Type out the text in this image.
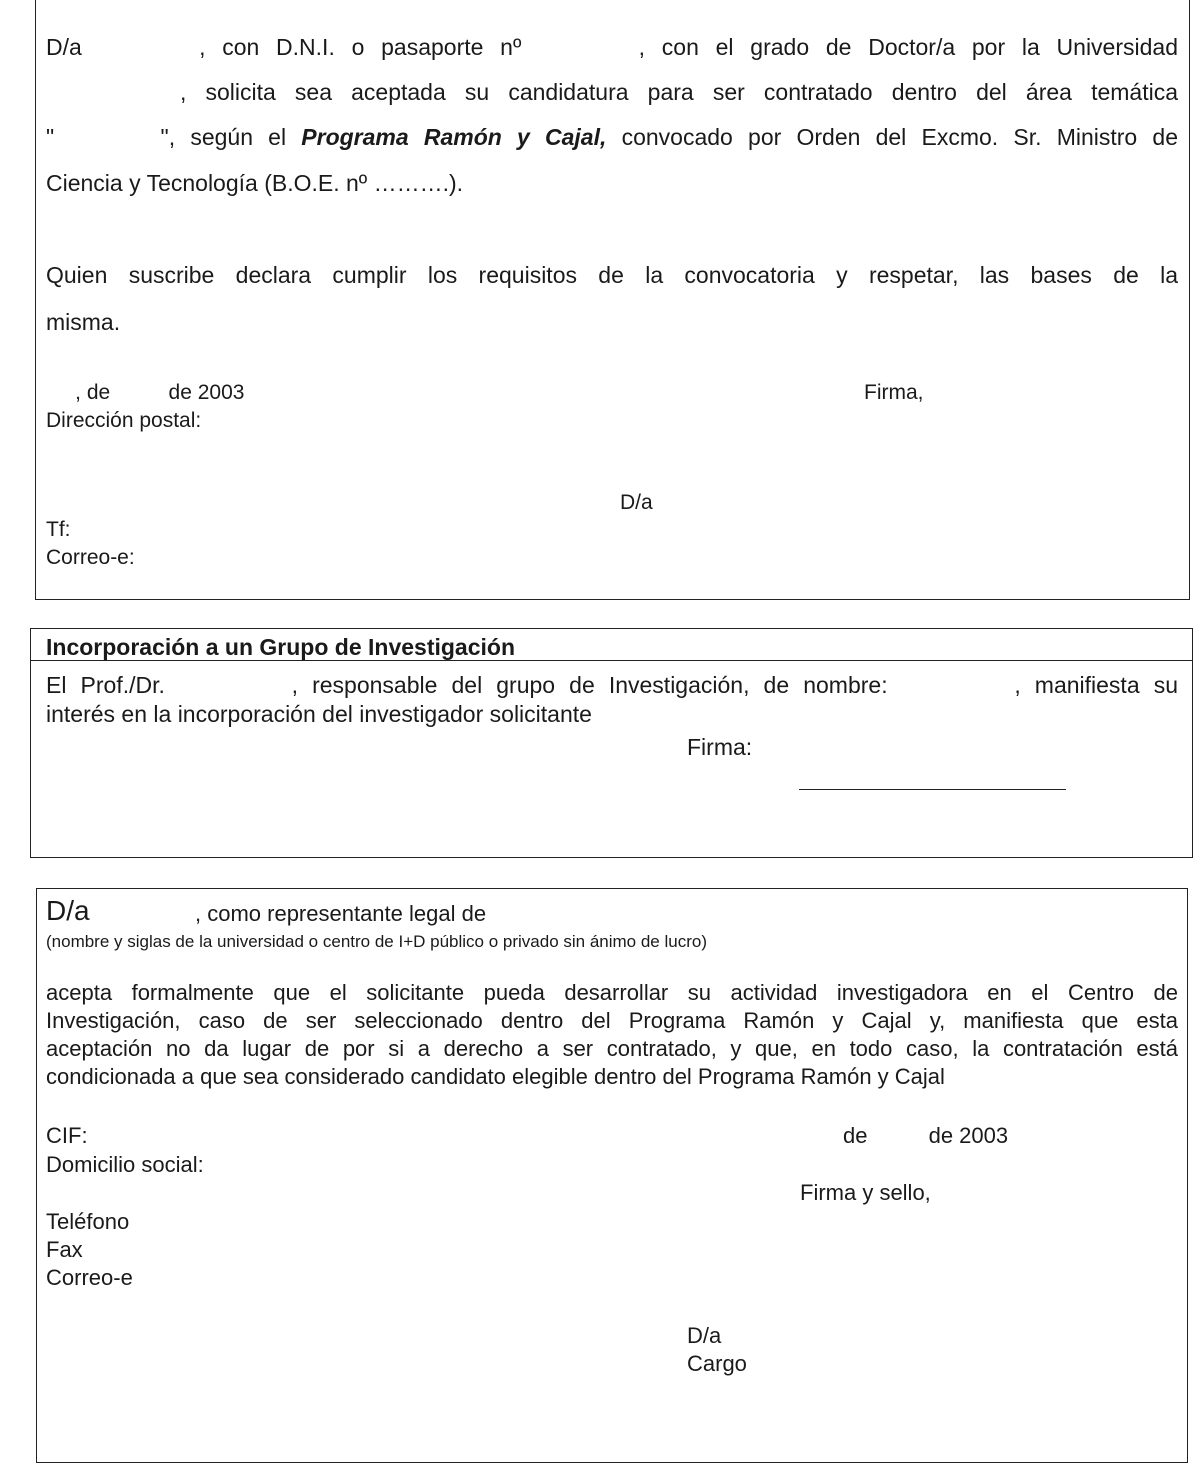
D/a       , con D.N.I. o pasaporte nº       , con el grado de Doctor/a por la Universidad
, solicita sea aceptada su candidatura para ser contratado dentro del área temática
"       ", según el Programa Ramón y Cajal, convocado por Orden del Excmo. Sr. Ministro de
Ciencia y Tecnología (B.O.E. nº ……….).
Quien suscribe declara cumplir los requisitos de la convocatoria y respetar, las bases de la
misma.
, de          de 2003	Firma,
Dirección postal:
D/a
Tf:
Correo-e:
Incorporación a un Grupo de Investigación
El Prof./Dr.         , responsable del grupo de Investigación, de nombre:         , manifiesta su
interés en la incorporación del investigador solicitante
Firma:
D/a	, como representante legal de
(nombre y siglas de la universidad o centro de I+D público o privado sin ánimo de lucro)
acepta formalmente que el solicitante pueda desarrollar su actividad investigadora en el Centro de
Investigación, caso de ser seleccionado dentro del Programa Ramón y Cajal y, manifiesta que esta
aceptación no da lugar de por si a derecho a ser contratado, y que, en todo caso, la contratación está
condicionada a que sea considerado candidato elegible dentro del Programa Ramón y Cajal
CIF:	de          de 2003
Domicilio social:
Firma y sello,
Teléfono
Fax
Correo-e
D/a
Cargo
